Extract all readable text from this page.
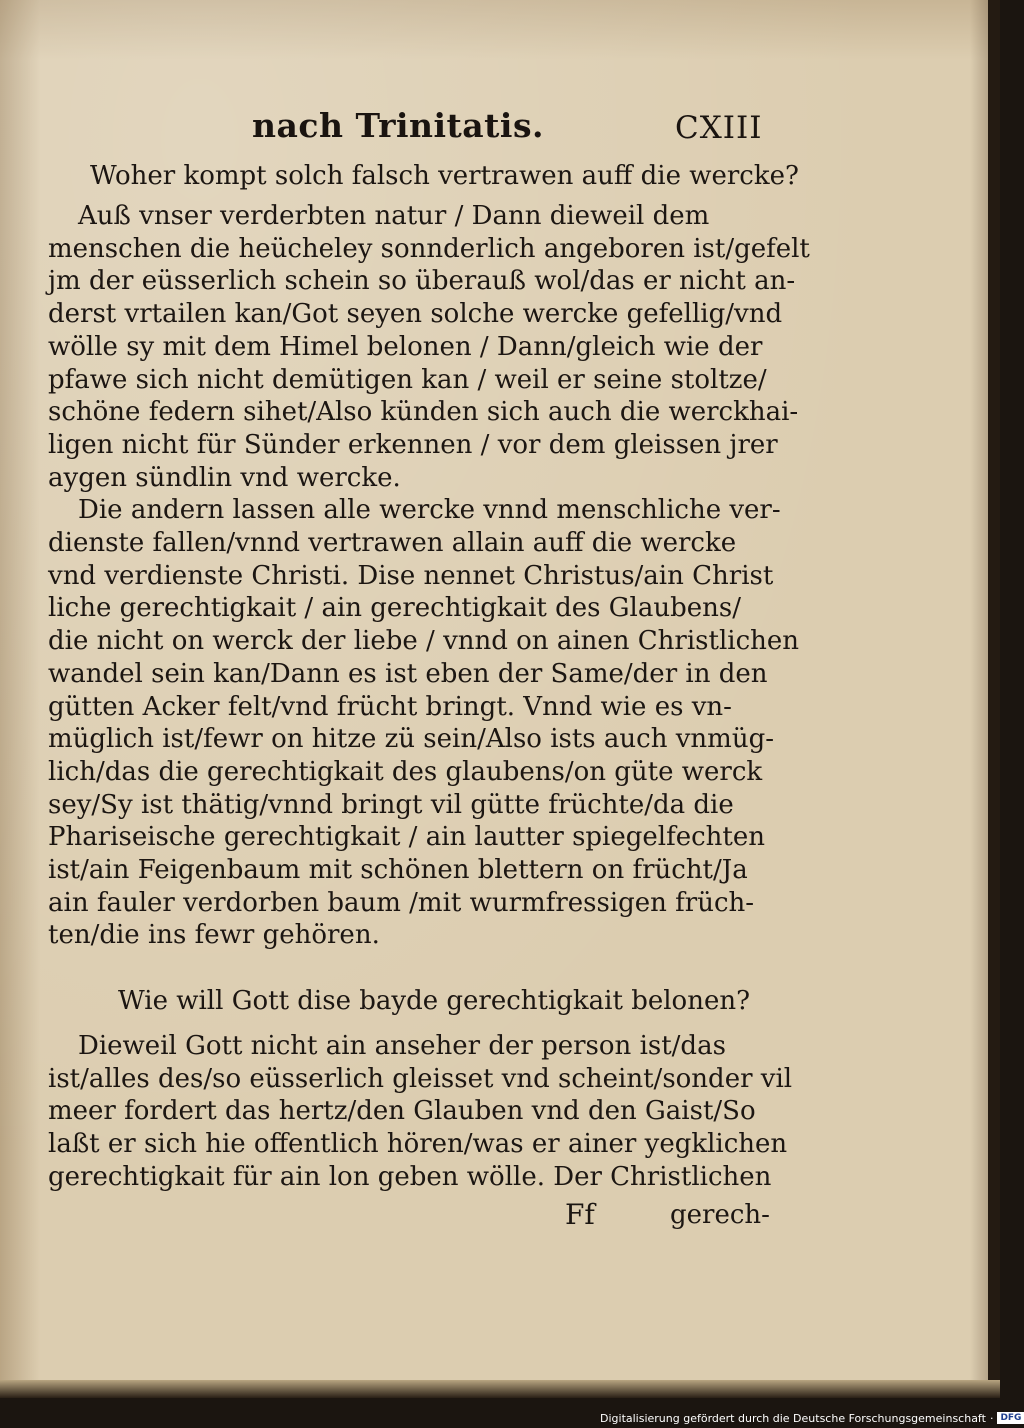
nach Trinitatis.	CXIII
Woher kompt solch falsch vertrawen auff die wercke?
Auß vnser verderbten natur / Dann dieweil dem
menschen die heücheley sonnderlich angeboren ist/gefelt
jm der eüsserlich schein so überauß wol/das er nicht an-
derst vrtailen kan/Got seyen solche wercke gefellig/vnd
wölle sy mit dem Himel belonen / Dann/gleich wie der
pfawe sich nicht demütigen kan / weil er seine stoltze/
schöne federn sihet/Also künden sich auch die werckhai-
ligen nicht für Sünder erkennen / vor dem gleissen jrer
aygen sündlin vnd wercke.
Die andern lassen alle wercke vnnd menschliche ver-
dienste fallen/vnnd vertrawen allain auff die wercke
vnd verdienste Christi. Dise nennet Christus/ain Christ
liche gerechtigkait / ain gerechtigkait des Glaubens/
die nicht on werck der liebe / vnnd on ainen Christlichen
wandel sein kan/Dann es ist eben der Same/der in den
gütten Acker felt/vnd frücht bringt. Vnnd wie es vn-
müglich ist/fewr on hitze zü sein/Also ists auch vnmüg-
lich/das die gerechtigkait des glaubens/on güte werck
sey/Sy ist thätig/vnnd bringt vil gütte früchte/da die
Phariseische gerechtigkait / ain lautter spiegelfechten
ist/ain Feigenbaum mit schönen blettern on frücht/Ja
ain fauler verdorben baum /mit wurmfressigen früch-
ten/die ins fewr gehören.
Wie will Gott dise bayde gerechtigkait belonen?
Dieweil Gott nicht ain anseher der person ist/das
ist/alles des/so eüsserlich gleisset vnd scheint/sonder vil
meer fordert das hertz/den Glauben vnd den Gaist/So
laßt er sich hie offentlich hören/was er ainer yegklichen
gerechtigkait für ain lon geben wölle. Der Christlichen
Ff	gerech-
Digitalisierung gefördert durch die Deutsche Forschungsgemeinschaft · DFG
